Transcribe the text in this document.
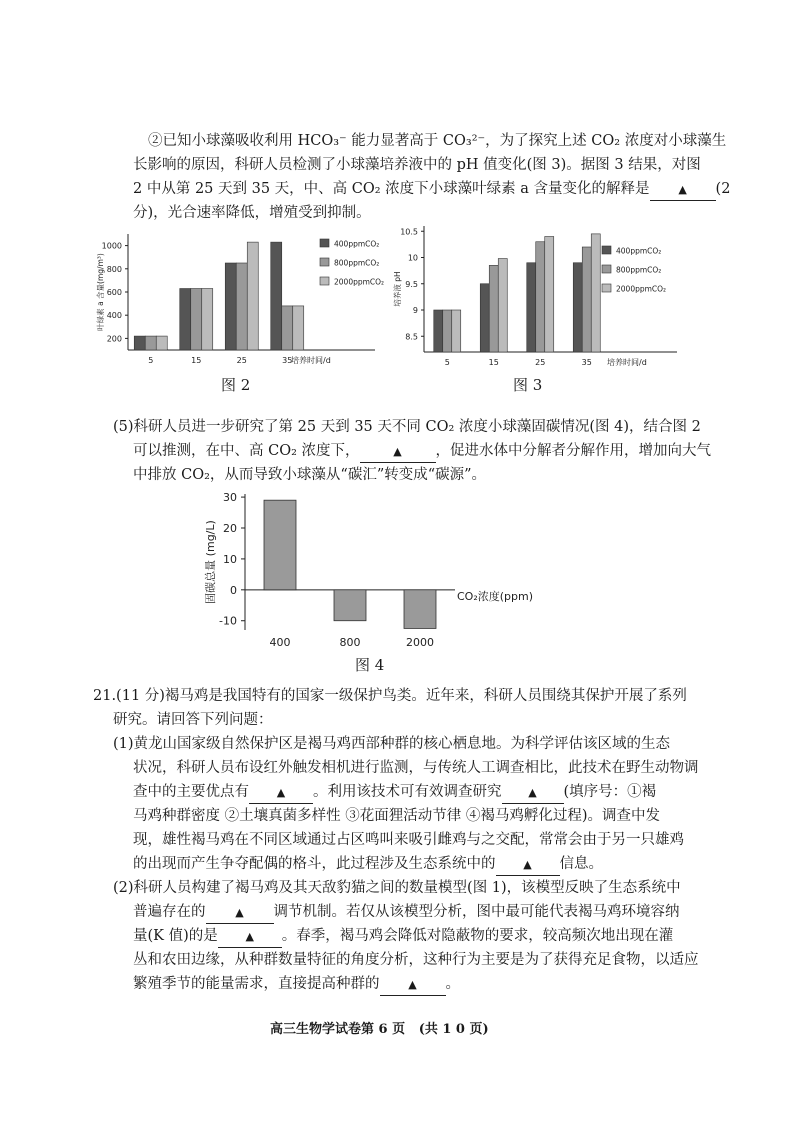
②已知小球藻吸收利用 HCO₃⁻ 能力显著高于 CO₃²⁻，为了探究上述 CO₂ 浓度对小球藻生
长影响的原因，科研人员检测了小球藻培养液中的 pH 值变化(图 3)。据图 3 结果，对图
2 中从第 25 天到 35 天，中、高 CO₂ 浓度下小球藻叶绿素 a 含量变化的解释是	▲ (2
分)，光合速率降低，增殖受到抑制。
200
400
600
800
1000
叶绿素 a 含量(mg/m³)
5	15	25	35
培养时间/d
400ppmCO₂
800ppmCO₂
2000ppmCO₂
图 2
8.5
9
9.5
10
10.5
培养液 pH
5	15	25	35 培养时间/d
400ppmCO₂
800ppmCO₂
2000ppmCO₂
图 3
(5)科研人员进一步研究了第 25 天到 35 天不同 CO₂ 浓度小球藻固碳情况(图 4)，结合图 2
可以推测，在中、高 CO₂ 浓度下，	▲ ，促进水体中分解者分解作用，增加向大气
中排放 CO₂，从而导致小球藻从“碳汇”转变成“碳源”。
-10
0
10
20
30
固碳总量 (mg/L)
400	800	2000
CO₂浓度(ppm)
图 4
21.(11 分)褐马鸡是我国特有的国家一级保护鸟类。近年来，科研人员围绕其保护开展了系列
研究。请回答下列问题：
(1)黄龙山国家级自然保护区是褐马鸡西部种群的核心栖息地。为科学评估该区域的生态
状况，科研人员布设红外触发相机进行监测，与传统人工调查相比，此技术在野生动物调
查中的主要优点有	▲ 。利用该技术可有效调查研究 ▲ (填序号：①褐
马鸡种群密度 ②土壤真菌多样性 ③花面狸活动节律 ④褐马鸡孵化过程)。调查中发
现，雄性褐马鸡在不同区域通过占区鸣叫来吸引雌鸡与之交配，常常会由于另一只雄鸡
的出现而产生争夺配偶的格斗，此过程涉及生态系统中的	▲ 信息。
(2)科研人员构建了褐马鸡及其天敌豹猫之间的数量模型(图 1)，该模型反映了生态系统中
普遍存在的	▲ 调节机制。若仅从该模型分析，图中最可能代表褐马鸡环境容纳
量(K 值)的是	▲ 。春季，褐马鸡会降低对隐蔽物的要求，较高频次地出现在灌
丛和农田边缘，从种群数量特征的角度分析，这种行为主要是为了获得充足食物，以适应
繁殖季节的能量需求，直接提高种群的	▲ 。
高三生物学试卷第 6 页 (共 1 0 页)
